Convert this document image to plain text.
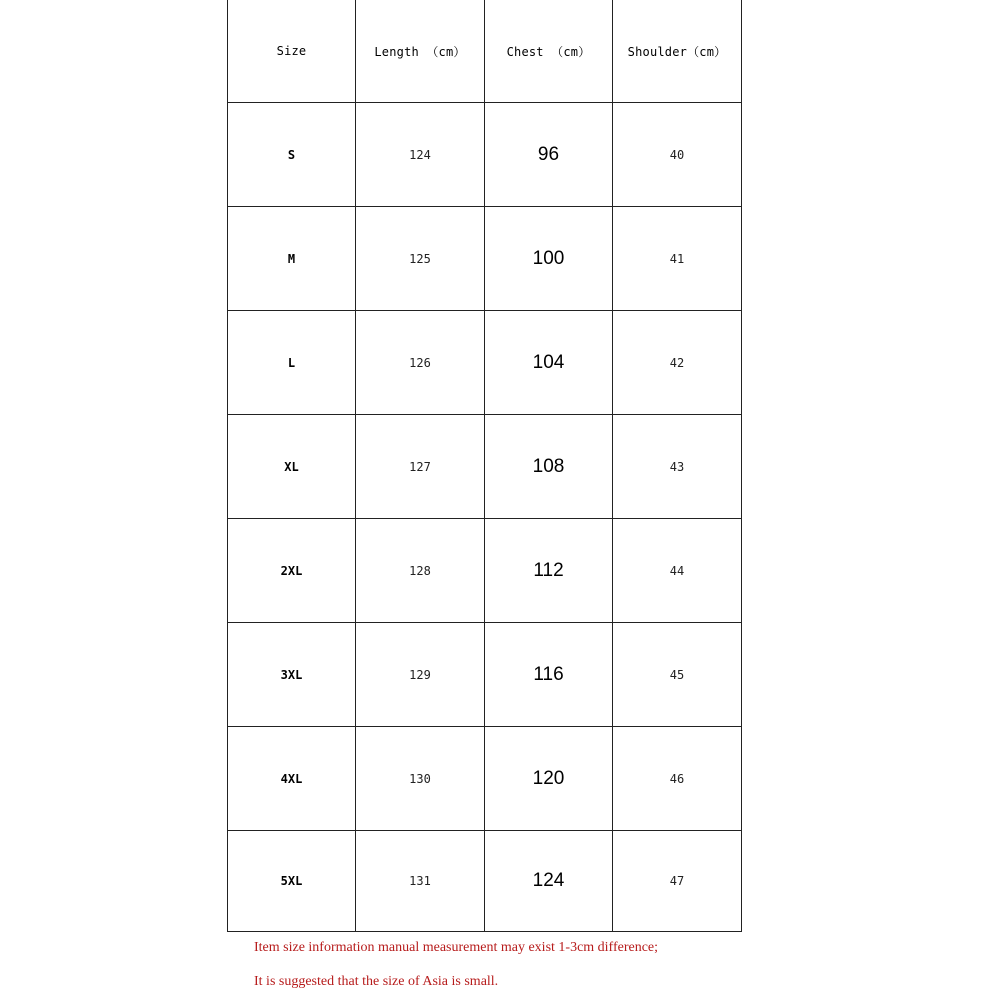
Size	Length （cm）	Chest （cm）	Shoulder（cm）
S	124	96	40
M	125	100	41
L	126	104	42
XL	127	108	43
2XL	128	112	44
3XL	129	116	45
4XL	130	120	46
5XL	131	124	47
Item size information manual measurement may exist 1-3cm difference;
It is suggested that the size of Asia is small.
